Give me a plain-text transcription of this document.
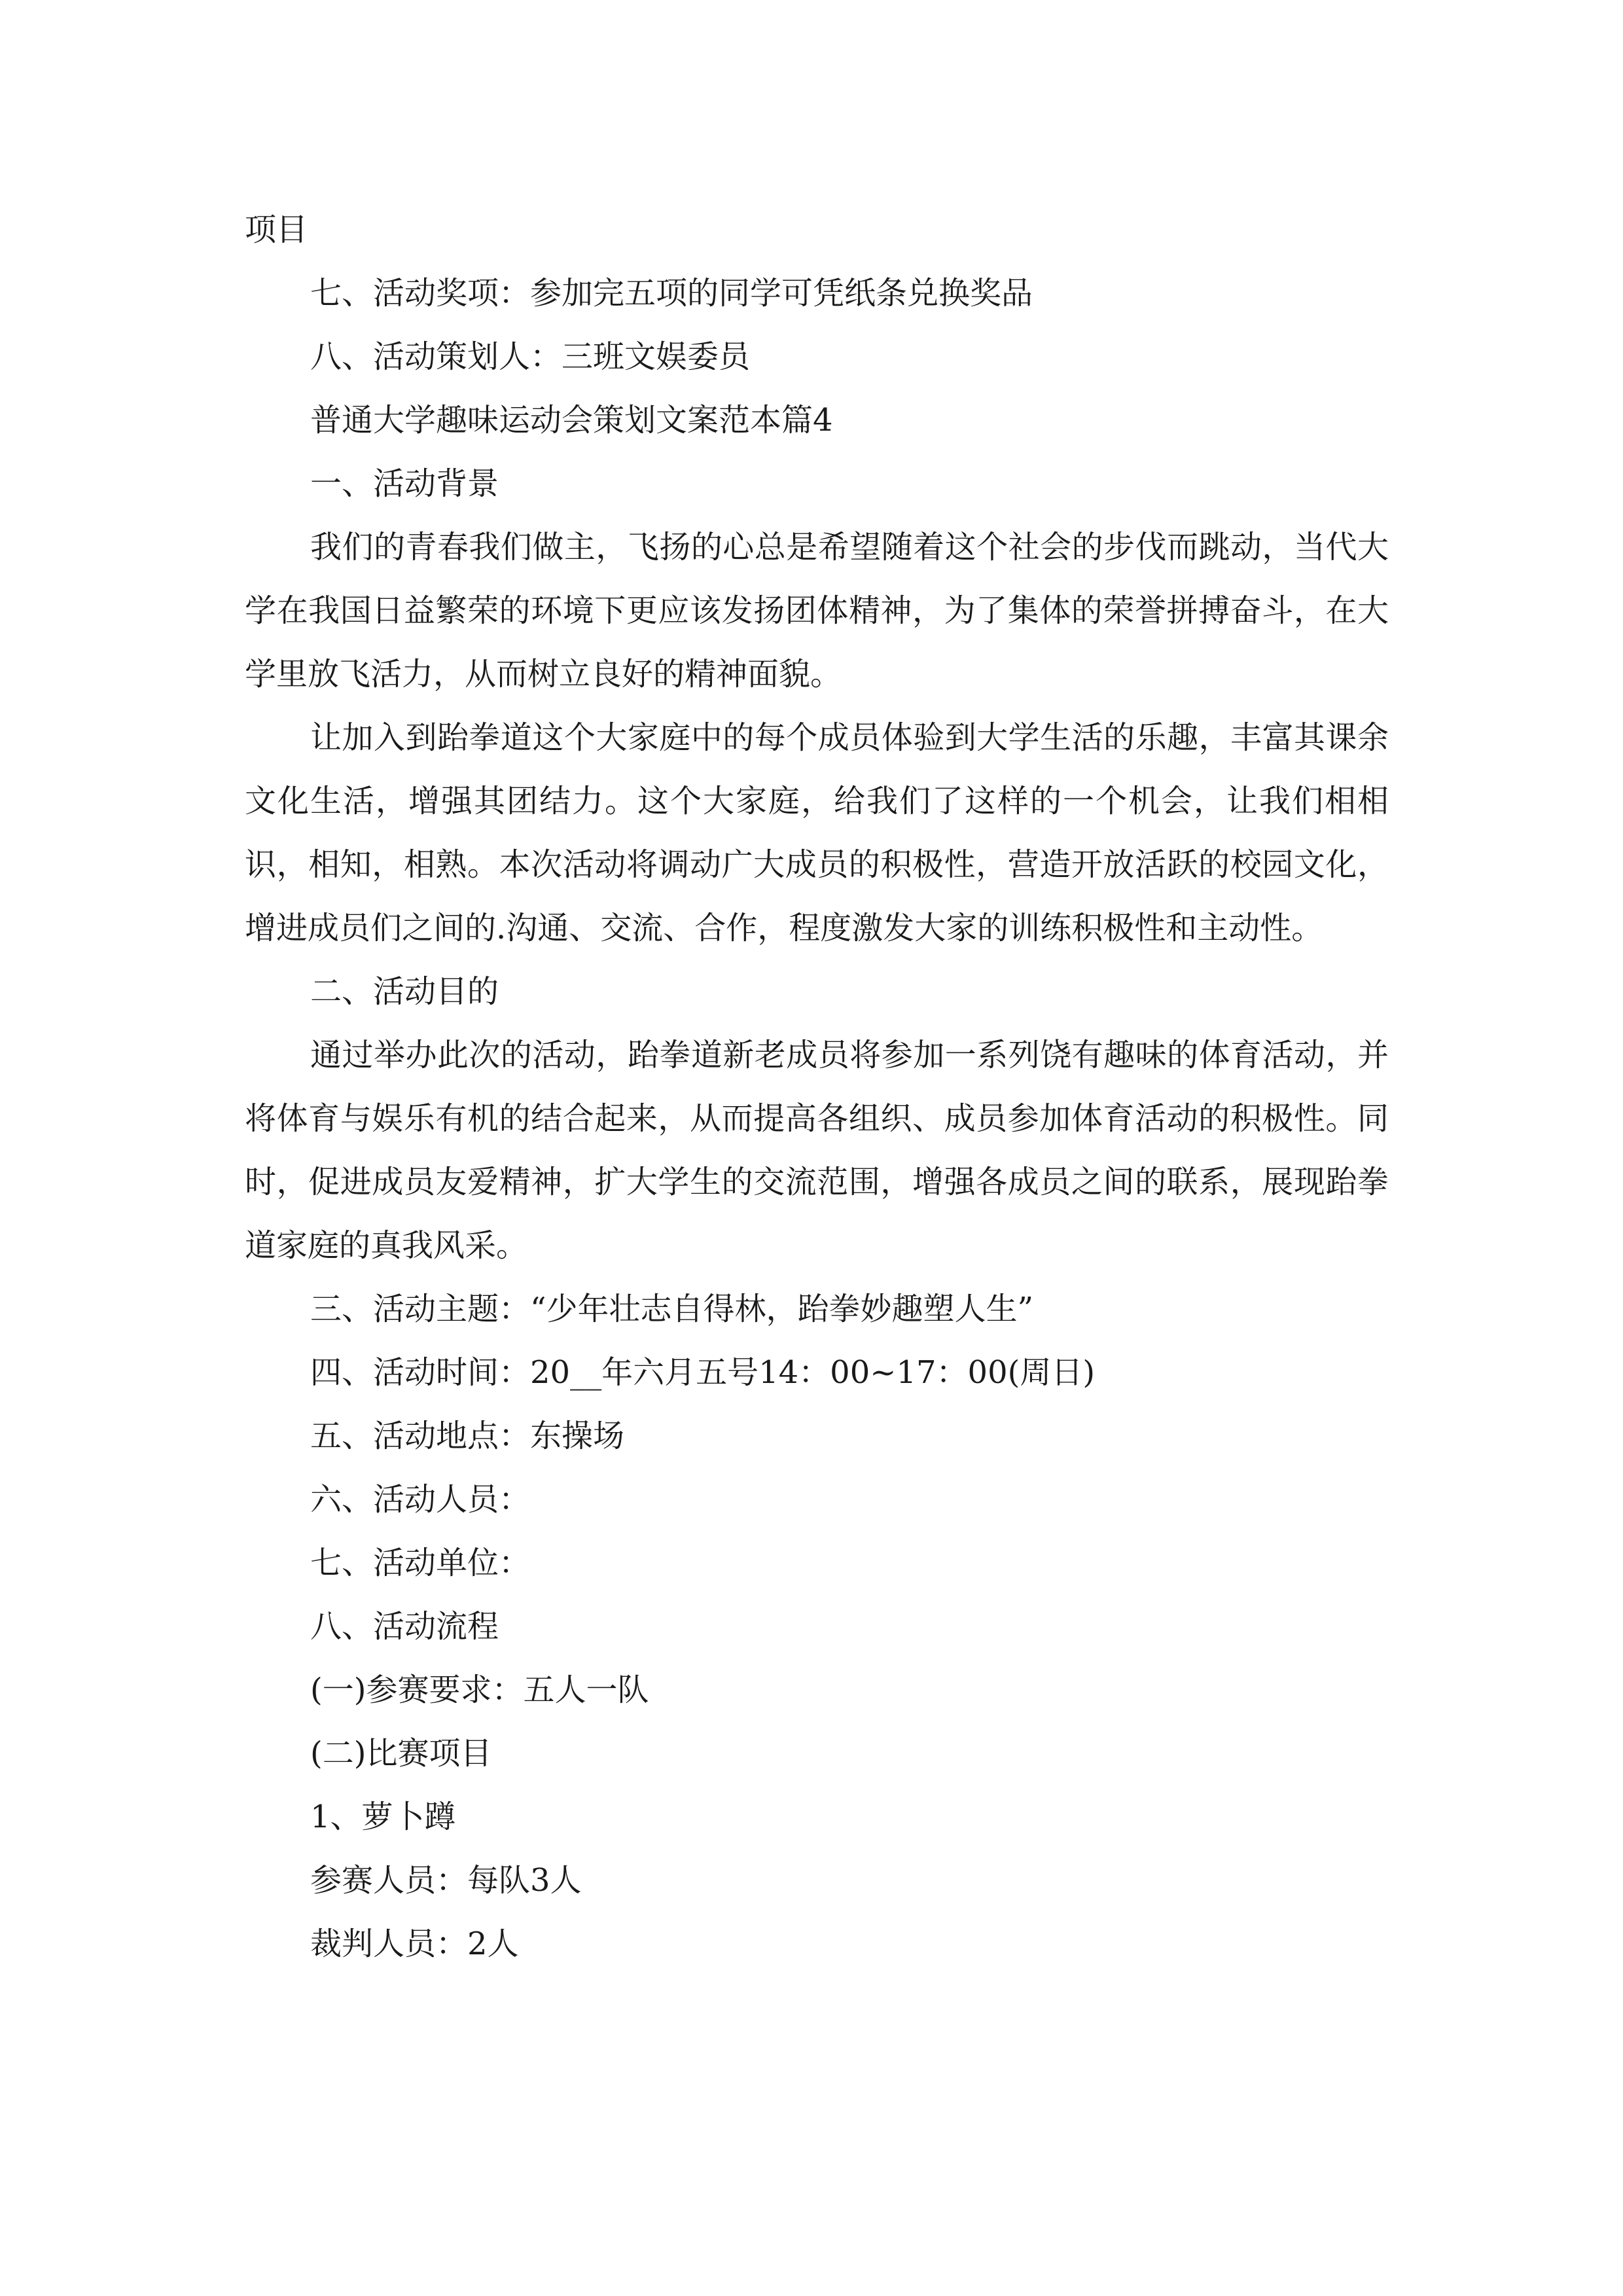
项目

七、活动奖项：参加完五项的同学可凭纸条兑换奖品

八、活动策划人：三班文娱委员

普通大学趣味运动会策划文案范本篇4

一、活动背景

我们的青春我们做主，飞扬的心总是希望随着这个社会的步伐而跳动，当代大学在我国日益繁荣的环境下更应该发扬团体精神，为了集体的荣誉拼搏奋斗，在大学里放飞活力，从而树立良好的精神面貌。

让加入到跆拳道这个大家庭中的每个成员体验到大学生活的乐趣，丰富其课余文化生活，增强其团结力。这个大家庭，给我们了这样的一个机会，让我们相相识，相知，相熟。本次活动将调动广大成员的积极性，营造开放活跃的校园文化，增进成员们之间的.沟通、交流、合作，程度激发大家的训练积极性和主动性。

二、活动目的

通过举办此次的活动，跆拳道新老成员将参加一系列饶有趣味的体育活动，并将体育与娱乐有机的结合起来，从而提高各组织、成员参加体育活动的积极性。同时，促进成员友爱精神，扩大学生的交流范围，增强各成员之间的联系，展现跆拳道家庭的真我风采。

三、活动主题：“少年壮志自得林，跆拳妙趣塑人生”

四、活动时间：20__年六月五号14：00~17：00(周日)

五、活动地点：东操场

六、活动人员：

七、活动单位：

八、活动流程

(一)参赛要求：五人一队

(二)比赛项目

1、萝卜蹲

参赛人员：每队3人

裁判人员：2人
